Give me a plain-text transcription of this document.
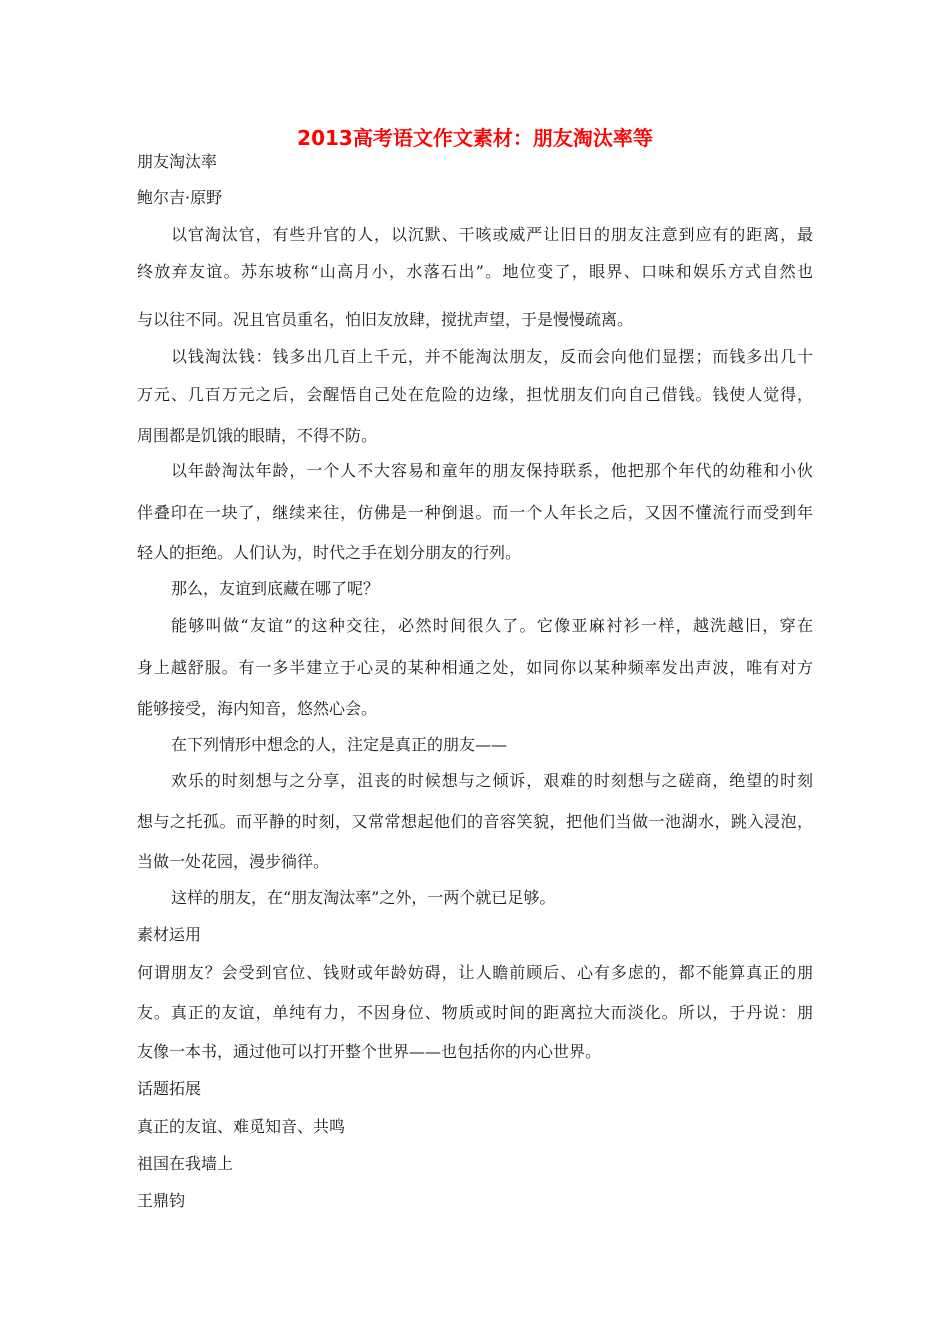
2013高考语文作文素材：朋友淘汰率等
朋友淘汰率
鲍尔吉·原野
以官淘汰官，有些升官的人，以沉默、干咳或威严让旧日的朋友注意到应有的距离，最
终放弃友谊。苏东坡称“山高月小，水落石出”。地位变了，眼界、口味和娱乐方式自然也
与以往不同。况且官员重名，怕旧友放肆，搅扰声望，于是慢慢疏离。
以钱淘汰钱：钱多出几百上千元，并不能淘汰朋友，反而会向他们显摆；而钱多出几十
万元、几百万元之后，会醒悟自己处在危险的边缘，担忧朋友们向自己借钱。钱使人觉得，
周围都是饥饿的眼睛，不得不防。
以年龄淘汰年龄，一个人不大容易和童年的朋友保持联系，他把那个年代的幼稚和小伙
伴叠印在一块了，继续来往，仿佛是一种倒退。而一个人年长之后，又因不懂流行而受到年
轻人的拒绝。人们认为，时代之手在划分朋友的行列。
那么，友谊到底藏在哪了呢？
能够叫做“友谊”的这种交往，必然时间很久了。它像亚麻衬衫一样，越洗越旧，穿在
身上越舒服。有一多半建立于心灵的某种相通之处，如同你以某种频率发出声波，唯有对方
能够接受，海内知音，悠然心会。
在下列情形中想念的人，注定是真正的朋友——
欢乐的时刻想与之分享，沮丧的时候想与之倾诉，艰难的时刻想与之磋商，绝望的时刻
想与之托孤。而平静的时刻，又常常想起他们的音容笑貌，把他们当做一池湖水，跳入浸泡，
当做一处花园，漫步徜徉。
这样的朋友，在“朋友淘汰率”之外，一两个就已足够。
素材运用
何谓朋友？会受到官位、钱财或年龄妨碍，让人瞻前顾后、心有多虑的，都不能算真正的朋
友。真正的友谊，单纯有力，不因身位、物质或时间的距离拉大而淡化。所以，于丹说：朋
友像一本书，通过他可以打开整个世界——也包括你的内心世界。
话题拓展
真正的友谊、难觅知音、共鸣
祖国在我墙上
王鼎钧
